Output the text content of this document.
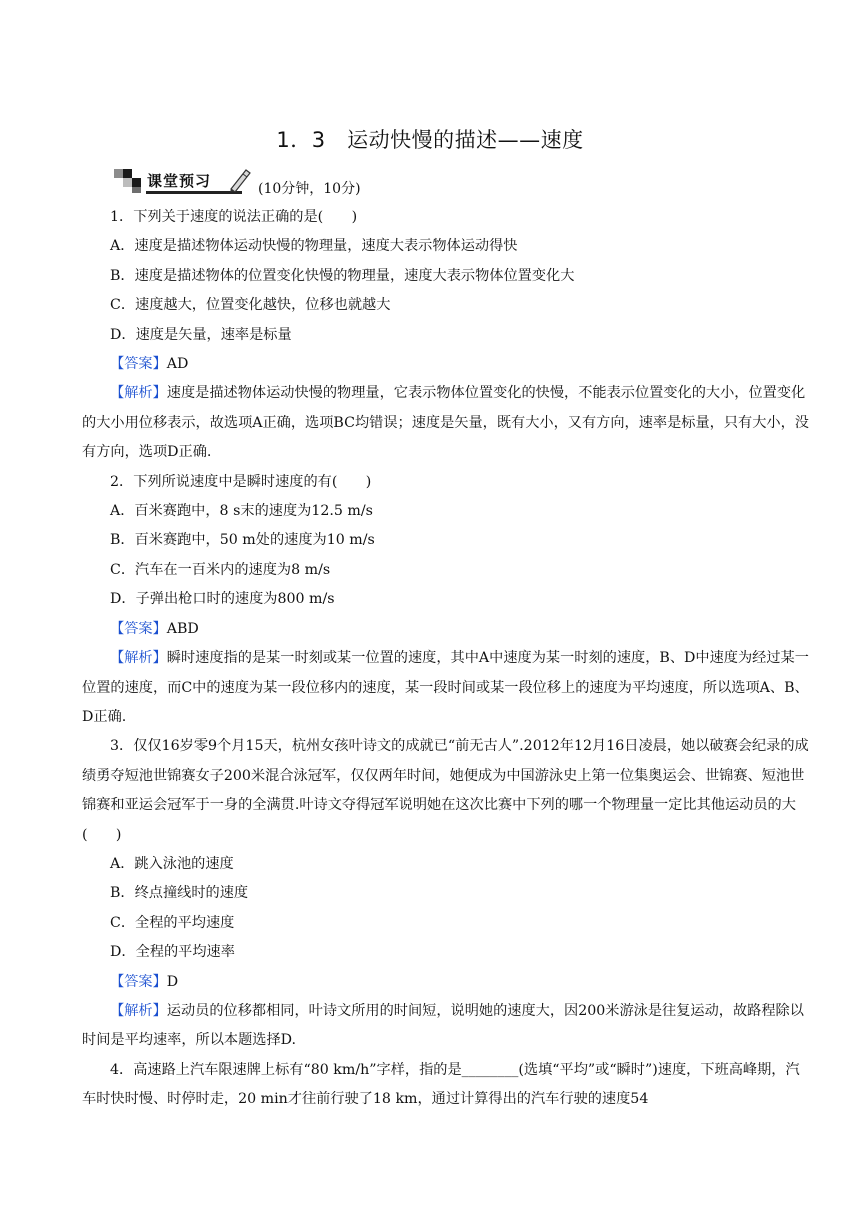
1．3　运动快慢的描述——速度
课堂预习	(10分钟，10分)

1．下列关于速度的说法正确的是(　　)

A．速度是描述物体运动快慢的物理量，速度大表示物体运动得快

B．速度是描述物体的位置变化快慢的物理量，速度大表示物体位置变化大

C．速度越大，位置变化越快，位移也就越大

D．速度是矢量，速率是标量

【答案】AD

【解析】速度是描述物体运动快慢的物理量，它表示物体位置变化的快慢，不能表示位置变化的大小，位置变化的大小用位移表示，故选项A正确，选项BC均错误；速度是矢量，既有大小，又有方向，速率是标量，只有大小，没有方向，选项D正确.

2．下列所说速度中是瞬时速度的有(　　)

A．百米赛跑中，8 s末的速度为12.5 m/s

B．百米赛跑中，50 m处的速度为10 m/s

C．汽车在一百米内的速度为8 m/s

D．子弹出枪口时的速度为800 m/s

【答案】ABD

【解析】瞬时速度指的是某一时刻或某一位置的速度，其中A中速度为某一时刻的速度，B、D中速度为经过某一位置的速度，而C中的速度为某一段位移内的速度，某一段时间或某一段位移上的速度为平均速度，所以选项A、B、D正确.

3．仅仅16岁零9个月15天，杭州女孩叶诗文的成就已“前无古人”.2012年12月16日凌晨，她以破赛会纪录的成绩勇夺短池世锦赛女子200米混合泳冠军，仅仅两年时间，她便成为中国游泳史上第一位集奥运会、世锦赛、短池世锦赛和亚运会冠军于一身的全满贯.叶诗文夺得冠军说明她在这次比赛中下列的哪一个物理量一定比其他运动员的大(　　)

A．跳入泳池的速度

B．终点撞线时的速度

C．全程的平均速度

D．全程的平均速率

【答案】D

【解析】运动员的位移都相同，叶诗文所用的时间短，说明她的速度大，因200米游泳是往复运动，故路程除以时间是平均速率，所以本题选择D.

4．高速路上汽车限速牌上标有“80 km/h”字样，指的是________(选填“平均”或“瞬时”)速度，下班高峰期，汽车时快时慢、时停时走，20 min才往前行驶了18 km，通过计算得出的汽车行驶的速度54
